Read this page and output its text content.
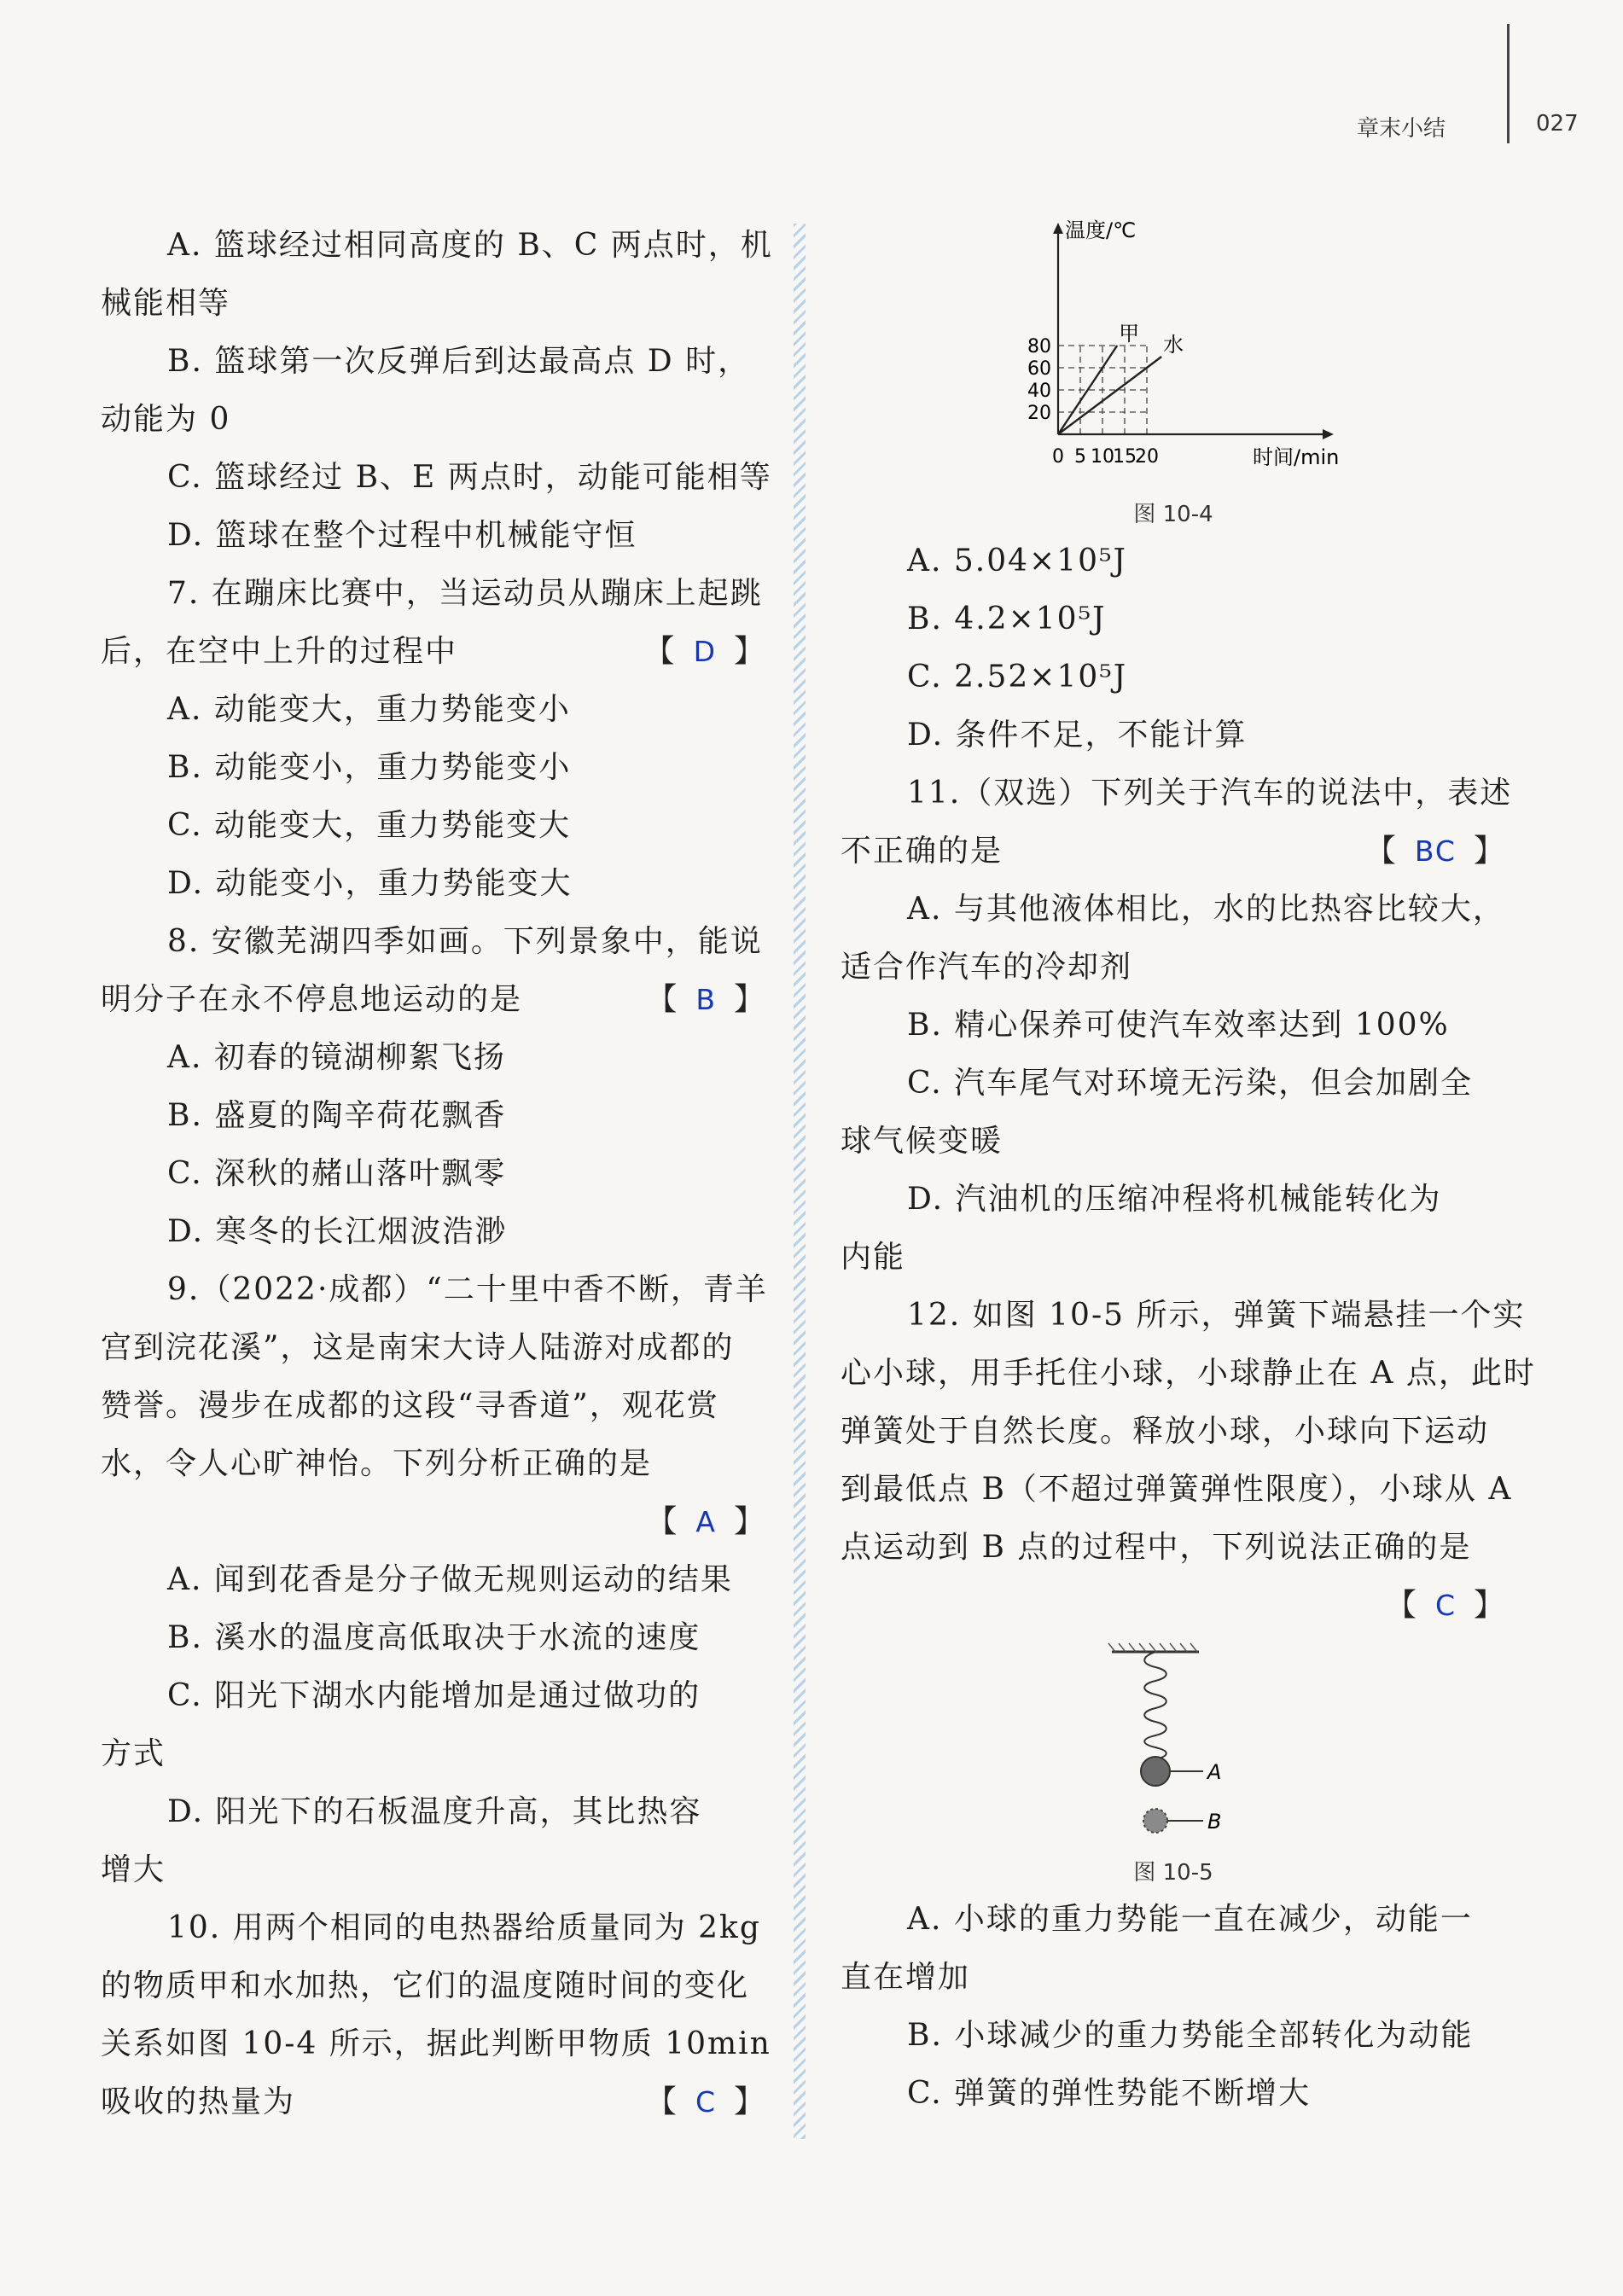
章末小结	027
A. 篮球经过相同高度的 B、C 两点时，机
械能相等
B. 篮球第一次反弹后到达最高点 D 时，
动能为 0
C. 篮球经过 B、E 两点时，动能可能相等
D. 篮球在整个过程中机械能守恒
7. 在蹦床比赛中，当运动员从蹦床上起跳
后，在空中上升的过程中	【 D 】
A. 动能变大，重力势能变小
B. 动能变小，重力势能变小
C. 动能变大，重力势能变大
D. 动能变小，重力势能变大
8. 安徽芜湖四季如画。下列景象中，能说
明分子在永不停息地运动的是	【 B 】
A. 初春的镜湖柳絮飞扬
B. 盛夏的陶辛荷花飘香
C. 深秋的赭山落叶飘零
D. 寒冬的长江烟波浩渺
9.（2022·成都）“二十里中香不断，青羊
宫到浣花溪”，这是南宋大诗人陆游对成都的
赞誉。漫步在成都的这段“寻香道”，观花赏
水，令人心旷神怡。下列分析正确的是
【 A 】
A. 闻到花香是分子做无规则运动的结果
B. 溪水的温度高低取决于水流的速度
C. 阳光下湖水内能增加是通过做功的
方式
D. 阳光下的石板温度升高，其比热容
增大
10. 用两个相同的电热器给质量同为 2kg
的物质甲和水加热，它们的温度随时间的变化
关系如图 10-4 所示，据此判断甲物质 10min
吸收的热量为	【 C 】
0 5 10
15
20
20
40
60
80
温度/℃
时间/min
甲 水
图 10-4
A. 5.04×10⁵J
B. 4.2×10⁵J
C. 2.52×10⁵J
D. 条件不足，不能计算
11.（双选）下列关于汽车的说法中，表述
不正确的是	【 BC 】
A. 与其他液体相比，水的比热容比较大，
适合作汽车的冷却剂
B. 精心保养可使汽车效率达到 100%
C. 汽车尾气对环境无污染，但会加剧全
球气候变暖
D. 汽油机的压缩冲程将机械能转化为
内能
12. 如图 10-5 所示，弹簧下端悬挂一个实
心小球，用手托住小球，小球静止在 A 点，此时
弹簧处于自然长度。释放小球，小球向下运动
到最低点 B（不超过弹簧弹性限度），小球从 A
点运动到 B 点的过程中，下列说法正确的是
【 C 】
A
B
图 10-5
A. 小球的重力势能一直在减少，动能一
直在增加
B. 小球减少的重力势能全部转化为动能
C. 弹簧的弹性势能不断增大
